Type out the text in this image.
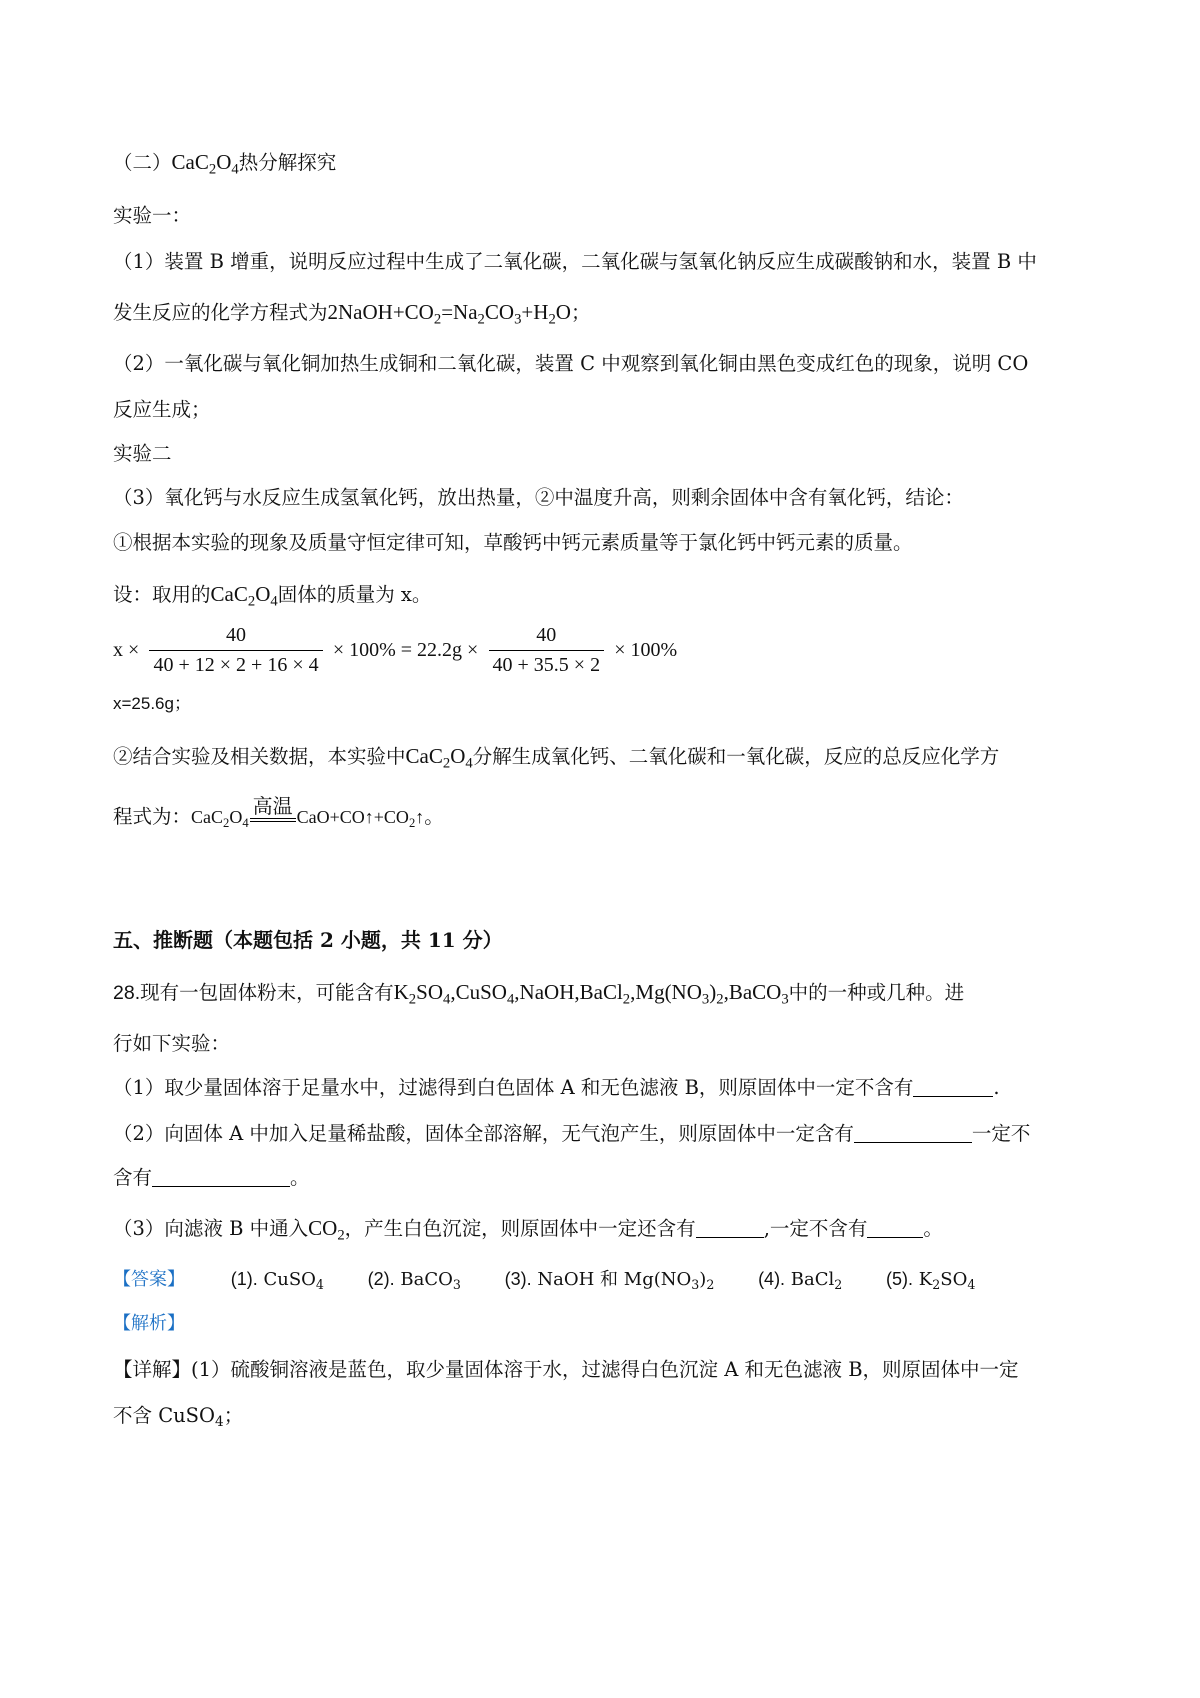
（二）$CaC_2O_4$热分解探究
实验一：
（1）装置 B 增重，说明反应过程中生成了二氧化碳，二氧化碳与氢氧化钠反应生成碳酸钠和水，装置 B 中
发生反应的化学方程式为$2NaOH+CO_2=Na_2CO_3+H_2O$；
（2）一氧化碳与氧化铜加热生成铜和二氧化碳，装置 C 中观察到氧化铜由黑色变成红色的现象，说明 CO
反应生成；
实验二
（3）氧化钙与水反应生成氢氧化钙，放出热量，②中温度升高，则剩余固体中含有氧化钙，结论：
①根据本实验的现象及质量守恒定律可知，草酸钙中钙元素质量等于氯化钙中钙元素的质量。
设：取用的$CaC_2O_4$固体的质量为 x。
$x \times \frac{40}{40 + 12 \times 2 + 16 \times 4} \times 100\% = 22.2g \times \frac{40}{40 + 35.5 \times 2} \times 100\%$
x=25.6g；
②结合实验及相关数据，本实验中$CaC_2O_4$分解生成氧化钙、二氧化碳和一氧化碳，反应的总反应化学方
程式为：$CaC_2O_4$
高温 $CaO+CO↑+CO_2↑$。
五、推断题（本题包括 2 小题，共 11 分）
28.现有一包固体粉末，可能含有$K_2SO_4,CuSO_4,NaOH,BaCl_2,Mg(NO_3)_2,BaCO_3$中的一种或几种。进
行如下实验：
（1）取少量固体溶于足量水中，过滤得到白色固体 A 和无色滤液 B，则原固体中一定不含有	.
（2）向固体 A 中加入足量稀盐酸，固体全部溶解，无气泡产生，则原固体中一定含有	一定不
含有	。
（3）向滤液 B 中通入$CO_2$，产生白色沉淀，则原固体中一定还含有	,一定不含有	。
【答案】	(1). CuSO$_4$ (2). BaCO$_3$ (3). NaOH 和 $Mg(NO_3)_2$ (4). BaCl$_2$ (5). $K_2SO_4$
【解析】
【详解】(1）硫酸铜溶液是蓝色，取少量固体溶于水，过滤得白色沉淀 A 和无色滤液 B，则原固体中一定
不含 CuSO$_4$；
